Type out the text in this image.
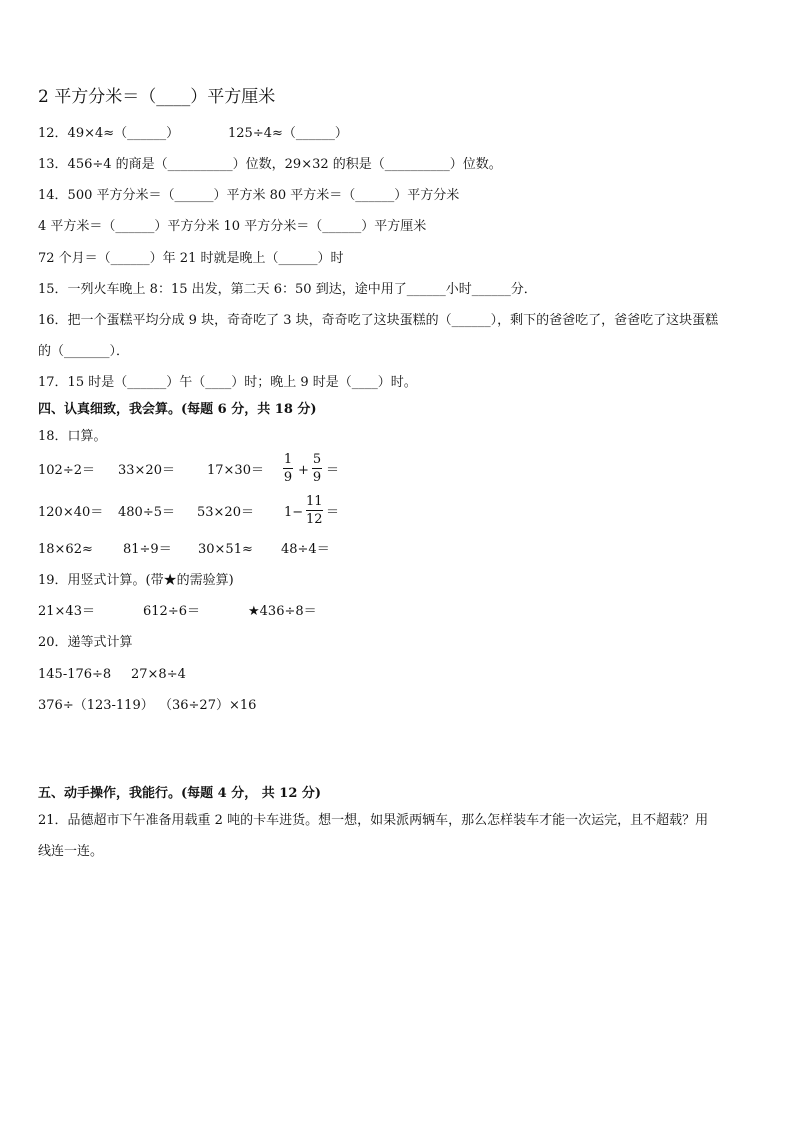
2 平方分米＝（____）平方厘米
12．49×4≈（______）	125÷4≈（______）
13．456÷4 的商是（__________）位数，29×32 的积是（__________）位数。
14．500 平方分米＝（______）平方米 80 平方米＝（______）平方分米
4 平方米＝（______）平方分米 10 平方分米＝（______）平方厘米
72 个月＝（______）年 21 时就是晚上（______）时
15．一列火车晚上 8：15 出发，第二天 6：50 到达，途中用了______小时______分．
16．把一个蛋糕平均分成 9 块，奇奇吃了 3 块，奇奇吃了这块蛋糕的（______），剩下的爸爸吃了，爸爸吃了这块蛋糕
的（_______）．
17．15 时是（______）午（____）时；晚上 9 时是（____）时。
四、认真细致，我会算。(每题 6 分，共 18 分)
18．口算。
102÷2＝ 33×20＝ 17×30＝
1
9 +
5
9 ＝
120×40＝ 480÷5＝ 53×20＝ 1−
11
12 ＝
18×62≈ 81÷9＝ 30×51≈ 48÷4＝
19．用竖式计算。(带★的需验算)
21×43＝	612÷6＝	★436÷8＝
20．递等式计算
145-176÷8 27×8÷4
376÷（123-119） （36÷27）×16
五、动手操作，我能行。(每题 4 分， 共 12 分)
21．品德超市下午准备用载重 2 吨的卡车进货。想一想，如果派两辆车，那么怎样装车才能一次运完，且不超载？用
线连一连。
